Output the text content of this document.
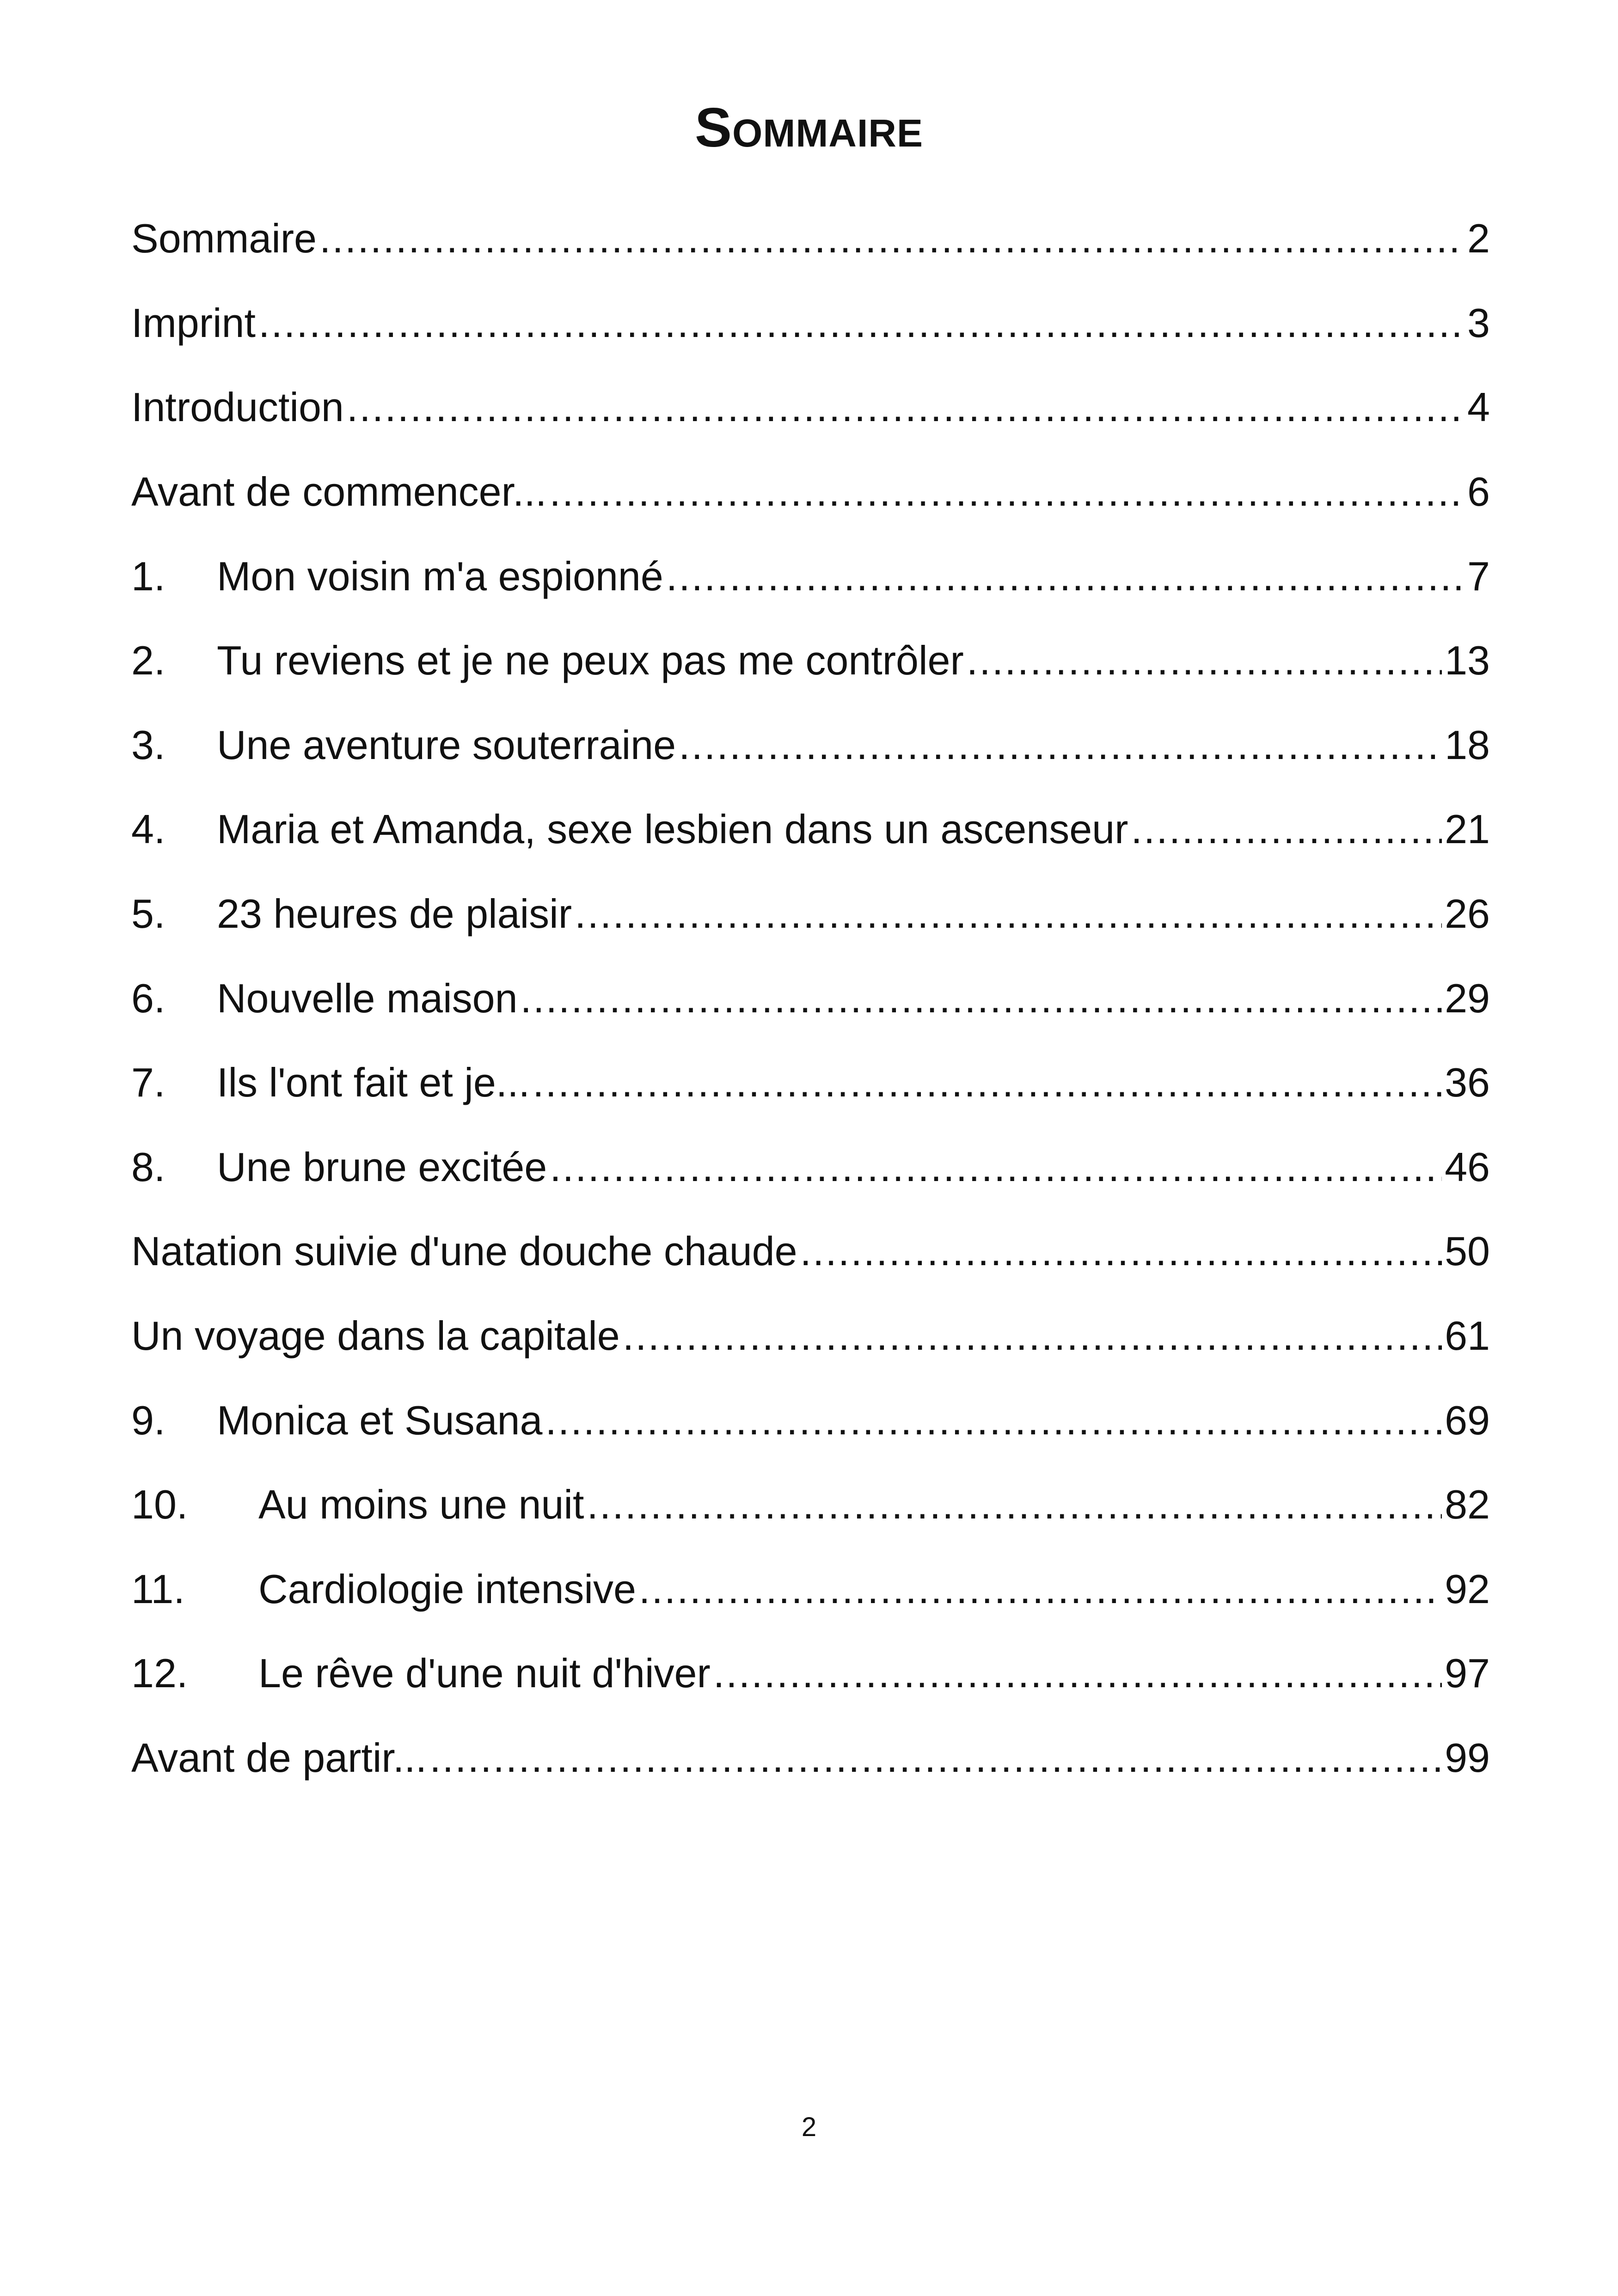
Sommaire
Sommaire .....	2
Imprint .....	3
Introduction .....	4
Avant de commencer... .....	6
1.	Mon voisin m'a espionné .....	7
2.	Tu reviens et je ne peux pas me contrôler .....	13
3.	Une aventure souterraine .....	18
4.	Maria et Amanda, sexe lesbien dans un ascenseur .....	21
5.	23 heures de plaisir .....	26
6.	Nouvelle maison .....	29
7.	Ils l'ont fait et je... .....	36
8.	Une brune excitée .....	46
Natation suivie d'une douche chaude .....	50
Un voyage dans la capitale .....	61
9.	Monica et Susana .....	69
10.	Au moins une nuit .....	82
11.	Cardiologie intensive .....	92
12.	Le rêve d'une nuit d'hiver .....	97
Avant de partir... .....	99
2
